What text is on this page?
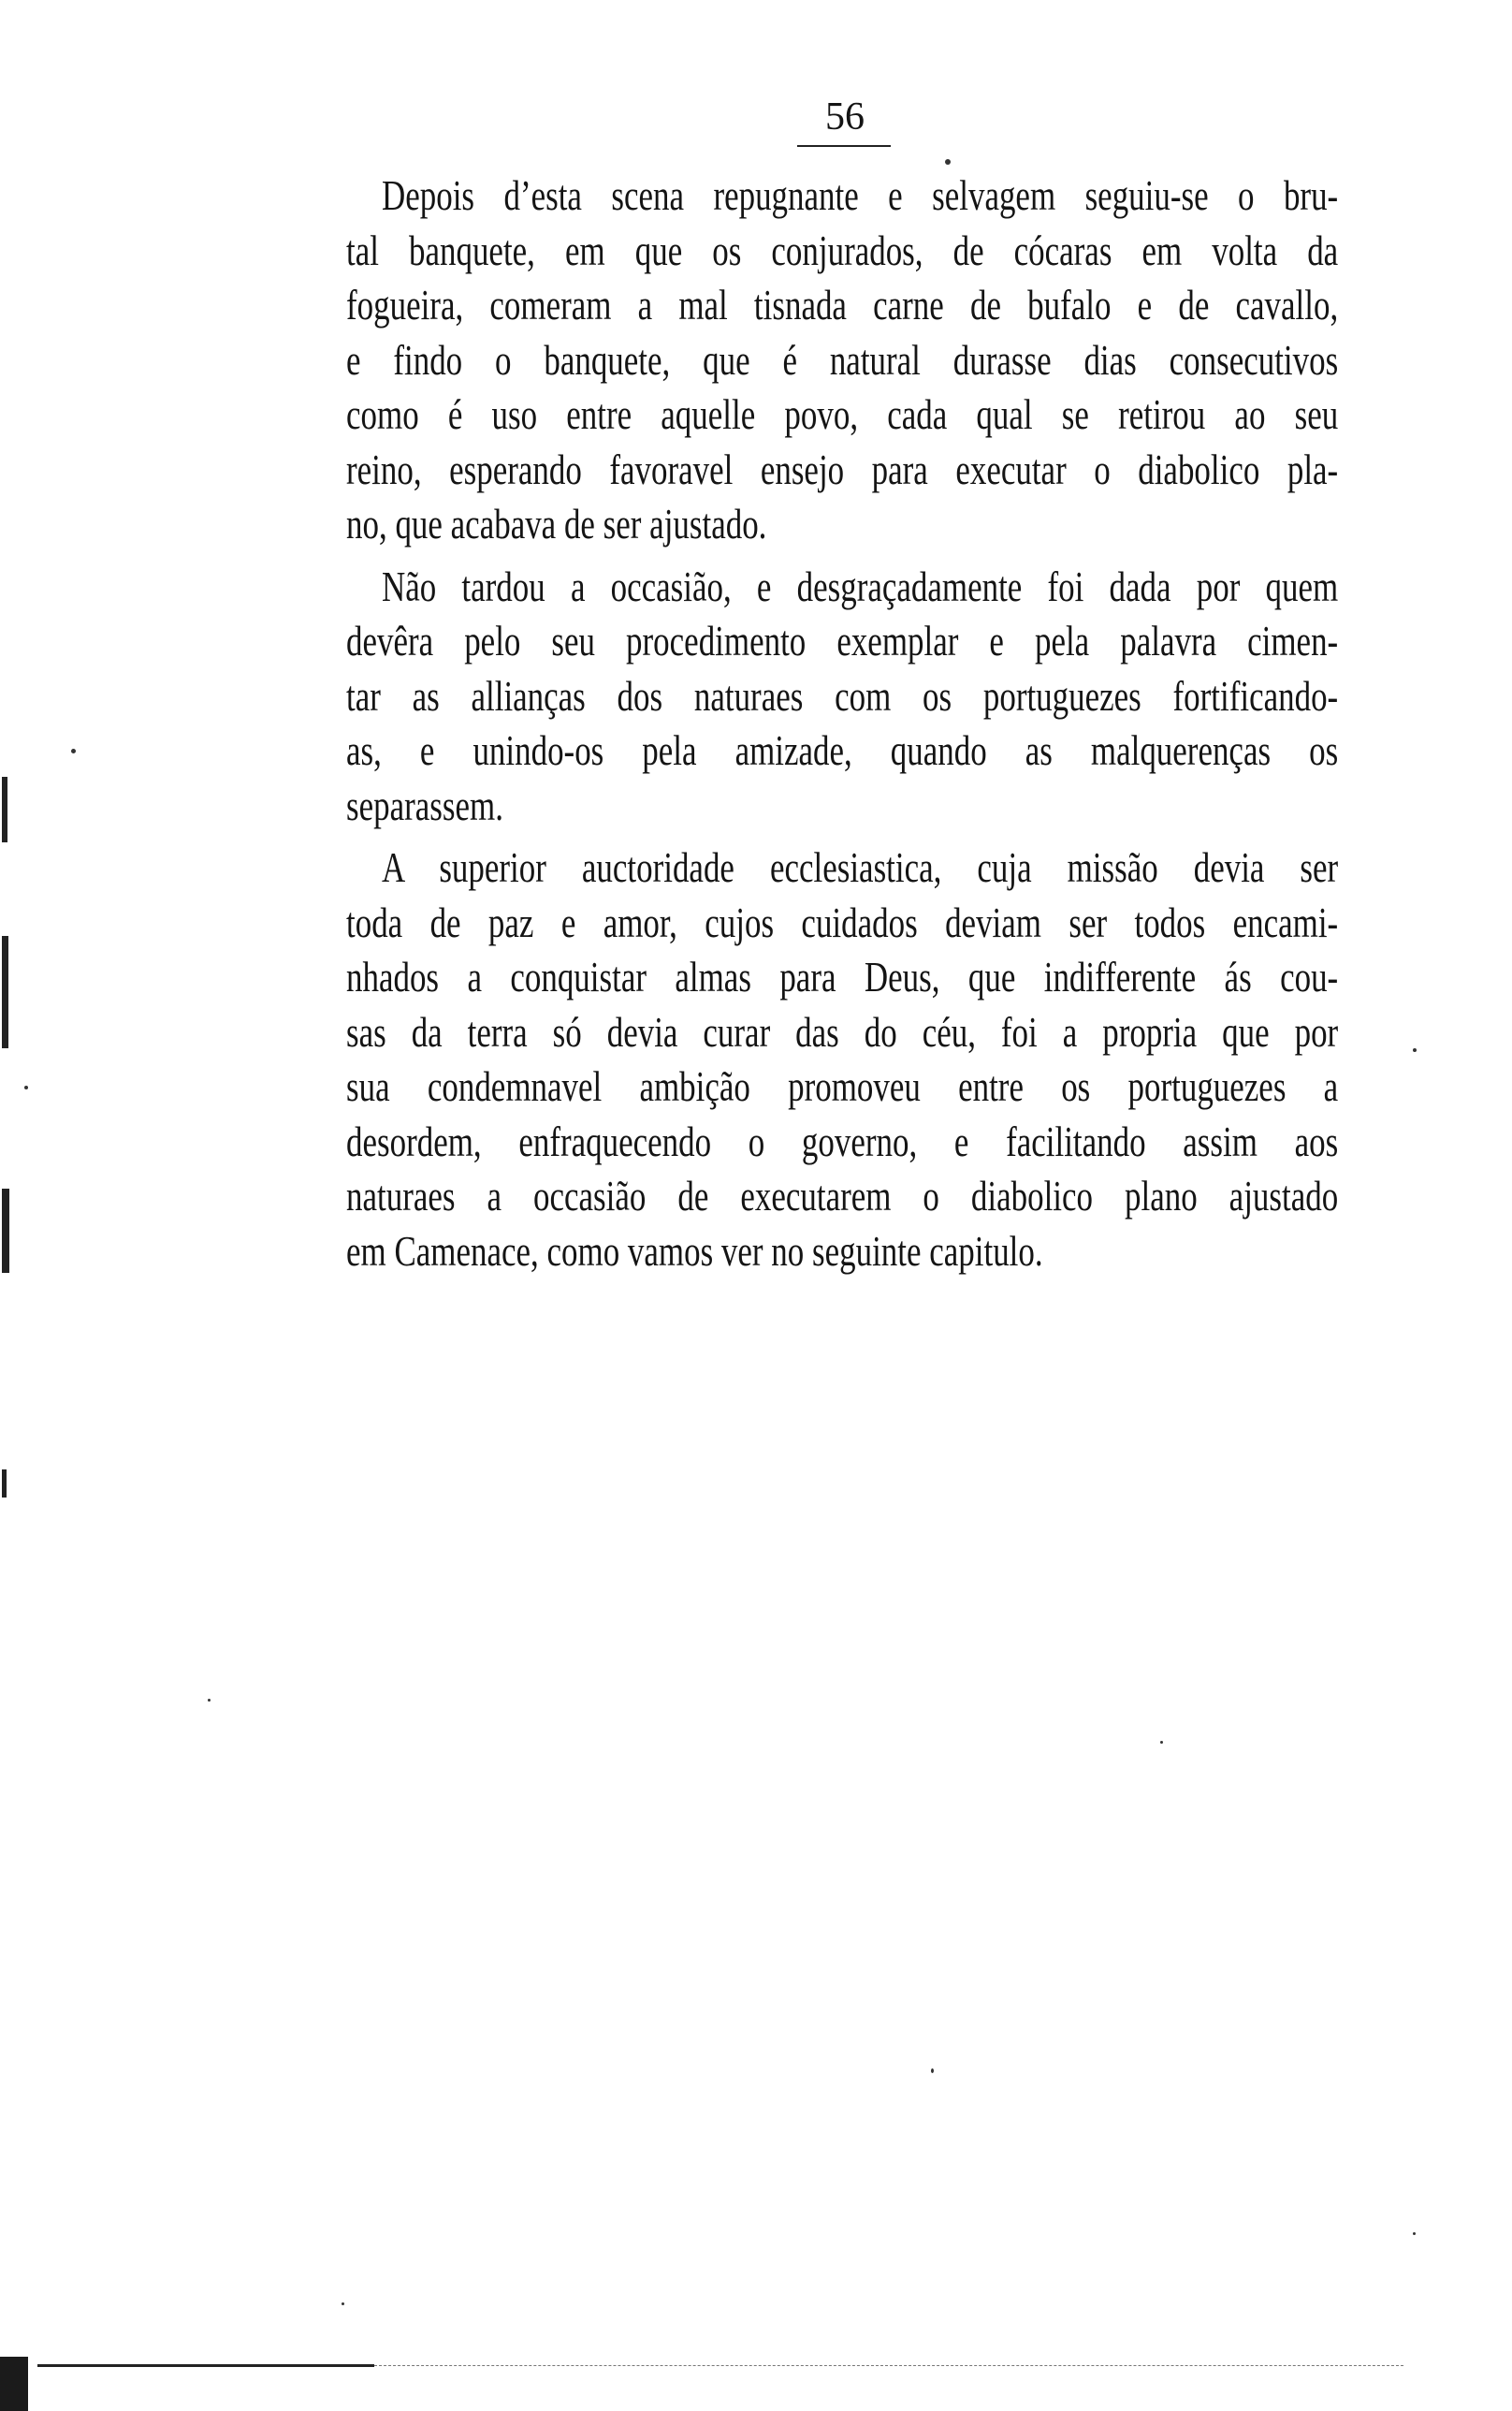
56
Depois d’esta scena repugnante e selvagem seguiu-se o bru-
tal banquete, em que os conjurados, de cócaras em volta da
fogueira, comeram a mal tisnada carne de bufalo e de cavallo,
e findo o banquete, que é natural durasse dias consecutivos
como é uso entre aquelle povo, cada qual se retirou ao seu
reino, esperando favoravel ensejo para executar o diabolico pla-
no, que acabava de ser ajustado.
Não tardou a occasião, e desgraçadamente foi dada por quem
devêra pelo seu procedimento exemplar e pela palavra cimen-
tar as allianças dos naturaes com os portuguezes fortificando-
as, e unindo-os pela amizade, quando as malquerenças os
separassem.
A superior auctoridade ecclesiastica, cuja missão devia ser
toda de paz e amor, cujos cuidados deviam ser todos encami-
nhados a conquistar almas para Deus, que indifferente ás cou-
sas da terra só devia curar das do céu, foi a propria que por
sua condemnavel ambição promoveu entre os portuguezes a
desordem, enfraquecendo o governo, e facilitando assim aos
naturaes a occasião de executarem o diabolico plano ajustado
em Camenace, como vamos ver no seguinte capitulo.
